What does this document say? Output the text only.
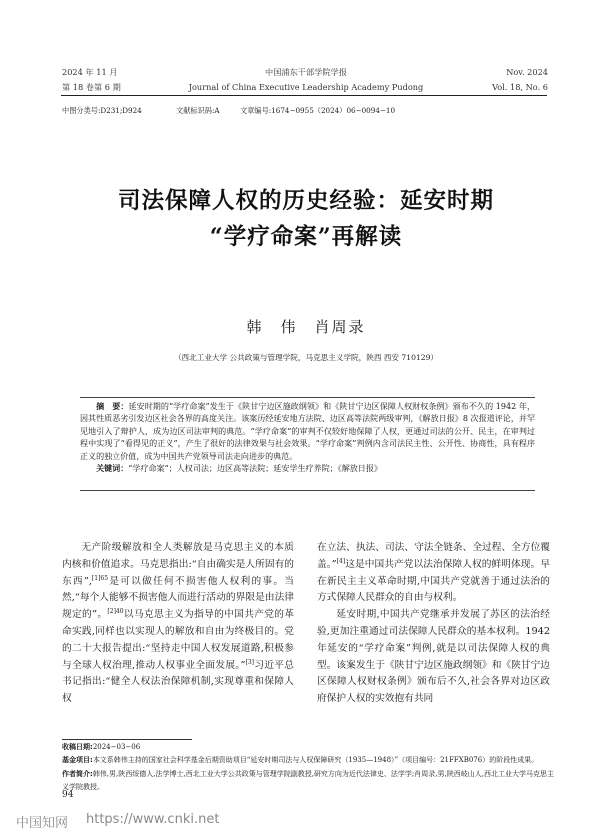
2024 年 11 月	中国浦东干部学院学报	Nov. 2024
第 18 卷第 6 期	Journal of China Executive Leadership Academy Pudong	Vol. 18, No. 6
中图分类号:D231;D924	文献标识码:A	文章编号:1674−0955（2024）06−0094−10
司法保障人权的历史经验：延安时期
“学疗命案”再解读
韩　伟　肖周录
（西北工业大学 公共政策与管理学院，马克思主义学院，陕西 西安 710129）

摘　要：延安时期的“学疗命案”发生于《陕甘宁边区施政纲领》和《陕甘宁边区保障人权财权条例》颁布不久的 1942 年，因其性质恶劣引发边区社会各界的高度关注。该案历经延安地方法院、边区高等法院两级审判，《解放日报》8 次报道评论，并罕见地引入了辩护人，成为边区司法审判的典范。“学疗命案”的审判不仅较好地保障了人权，更通过司法的公开、民主，在审判过程中实现了“看得见的正义”，产生了很好的法律效果与社会效果。“学疗命案”判例内含司法民主性、公开性、协商性，具有程序正义的独立价值，成为中国共产党领导司法走向进步的典范。

关键词：“学疗命案”；人权司法；边区高等法院；延安学生疗养院；《解放日报》

无产阶级解放和全人类解放是马克思主义的本质内核和价值追求。马克思指出:“自由确实是人所固有的东西”,$^{[1]65}$是可以做任何不损害他人权利的事。当然,“每个人能够不损害他人而进行活动的界限是由法律规定的”。$^{[2]40}$以马克思主义为指导的中国共产党的革命实践,同样也以实现人的解放和自由为终极目的。党的二十大报告提出:“坚持走中国人权发展道路,积极参与全球人权治理,推动人权事业全面发展。”[3]习近平总书记指出:“健全人权法治保障机制,实现尊重和保障人权

在立法、执法、司法、守法全链条、全过程、全方位覆盖。”[4]这是中国共产党以法治保障人权的鲜明体现。早在新民主主义革命时期,中国共产党就善于通过法治的方式保障人民群众的自由与权利。

延安时期,中国共产党继承并发展了苏区的法治经验,更加注重通过司法保障人民群众的基本权利。1942 年延安的“学疗命案”判例,就是以司法保障人权的典型。该案发生于《陕甘宁边区施政纲领》和《陕甘宁边区保障人权财权条例》颁布后不久,社会各界对边区政府保护人权的实效抱有共同

收稿日期:2024−03−06
基金项目:本文系韩伟主持的国家社会科学基金后期资助项目“延安时期司法与人权保障研究（1935—1948）”（项目编号：21FFXB076）的阶段性成果。
作者简介:韩伟,男,陕西绥德人,法学博士,西北工业大学公共政策与管理学院副教授,研究方向为近代法律史、法学学;肖周录,男,陕西岐山人,西北工业大学马克思主义学院教授。
94
中国知网 https://www.cnki.net
